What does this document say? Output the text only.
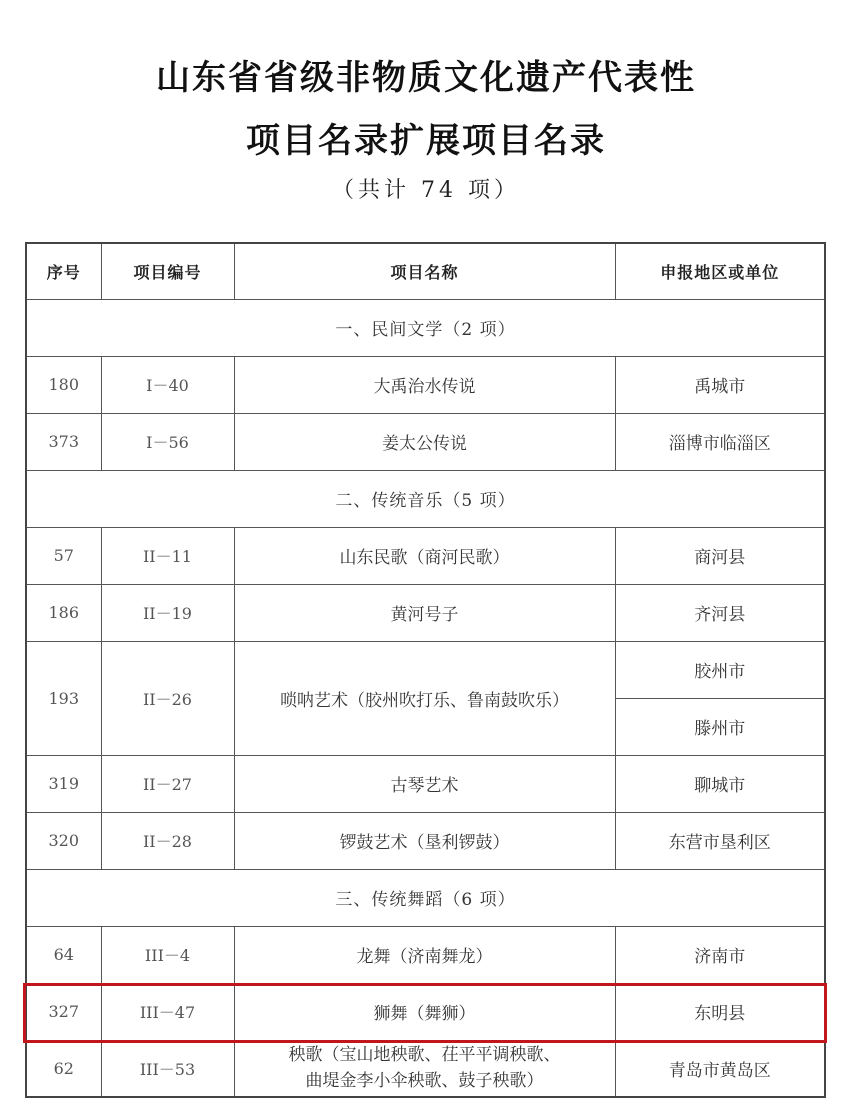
山东省省级非物质文化遗产代表性
项目名录扩展项目名录
（共计 74 项）
序号	项目编号	项目名称	申报地区或单位
一、民间文学（2 项）			
180	I－40	大禹治水传说	禹城市
373	I－56	姜太公传说	淄博市临淄区
二、传统音乐（5 项）			
57	II－11	山东民歌（商河民歌）	商河县
186	II－19	黄河号子	齐河县
193	II－26	唢呐艺术（胶州吹打乐、鲁南鼓吹乐）	胶州市
			滕州市
319	II－27	古琴艺术	聊城市
320	II－28	锣鼓艺术（垦利锣鼓）	东营市垦利区
三、传统舞蹈（6 项）			
64	III－4	龙舞（济南舞龙）	济南市
327	III－47	狮舞（舞狮）	东明县
62	III－53	秧歌（宝山地秧歌、茌平平调秧歌、
曲堤金李小伞秧歌、鼓子秧歌）	青岛市黄岛区
